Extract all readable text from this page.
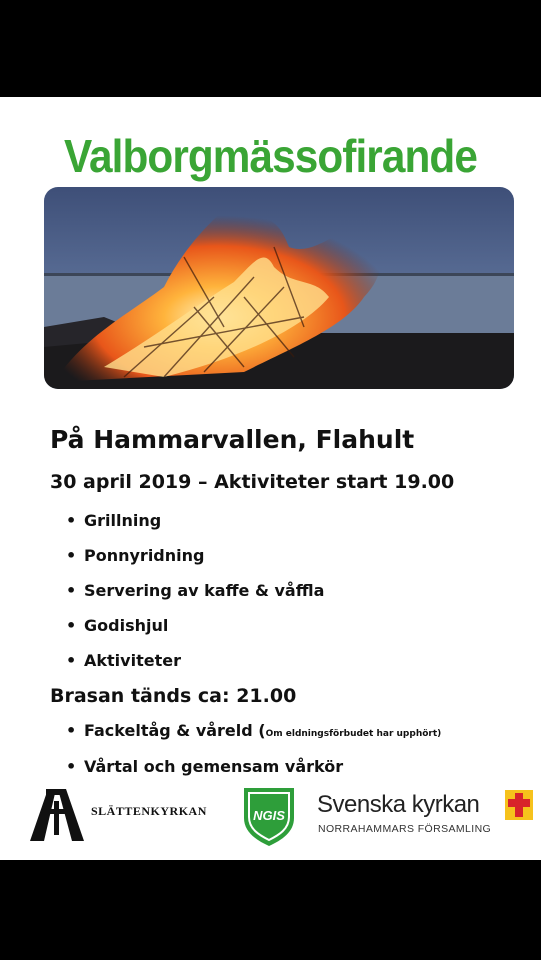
Valborgmässofirande
På Hammarvallen, Flahult
30 april 2019 – Aktiviteter start 19.00
• Grillning
• Ponnyridning
• Servering av kaffe & våffla
• Godishjul
• Aktiviteter
Brasan tänds ca: 21.00
• Fackeltåg & våreld (Om eldningsförbudet har upphört)
• Vårtal och gemensam vårkör
SLÄTTENKYRKAN	NGIS Svenska kyrkan
NORRAHAMMARS FÖRSAMLING
